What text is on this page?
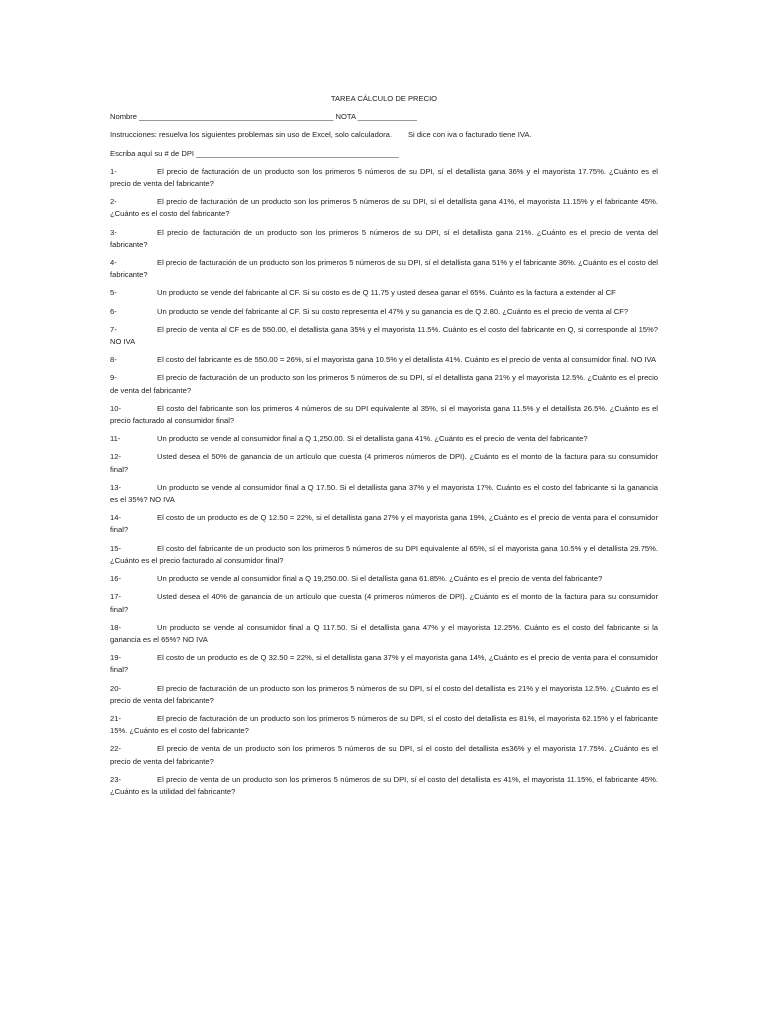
TAREA CÁLCULO DE PRECIO
Nombre ______________________________________________ NOTA ______________
Instrucciones: resuelva los siguientes problemas sin uso de Excel, solo calculadora. Si dice con iva o facturado tiene IVA.
Escriba aquí su # de DPI ________________________________________________
1-	El precio de facturación de un producto son los primeros 5 números de su DPI, sí el detallista gana 36% y el mayorista 17.75%. ¿Cuánto es el precio de venta del fabricante?
2-	El precio de facturación de un producto son los primeros 5 números de su DPI, sí el detallista gana 41%, el mayorista 11.15% y el fabricante 45%. ¿Cuánto es el costo del fabricante?
3-	El precio de facturación de un producto son los primeros 5 números de su DPI, sí el detallista gana 21%. ¿Cuánto es el precio de venta del fabricante?
4-	El precio de facturación de un producto son los primeros 5 números de su DPI, sí el detallista gana 51% y el fabricante 36%. ¿Cuánto es el costo del fabricante?
5-	Un producto se vende del fabricante al CF. Si su costo es de Q 11.75 y usted desea ganar el 65%. Cuánto es la factura a extender al CF
6-	Un producto se vende del fabricante al CF. Si su costo representa el 47% y su ganancia es de Q 2.80. ¿Cuánto es el precio de venta al CF?
7-	El precio de venta al CF es de 550.00, el detallista gana 35% y el mayorista 11.5%. Cuánto es el costo del fabricante en Q, si corresponde al 15%? NO IVA
8-	El costo del fabricante es de 550.00 = 26%, si el mayorista gana 10.5% y el detallista 41%. Cuánto es el precio de venta al consumidor final. NO IVA
9-	El precio de facturación de un producto son los primeros 5 números de su DPI, sí el detallista gana 21% y el mayorista 12.5%. ¿Cuánto es el precio de venta del fabricante?
10-	El costo del fabricante son los primeros 4 números de su DPI equivalente al 35%, sí el mayorista gana 11.5% y el detallista 26.5%. ¿Cuánto es el precio facturado al consumidor final?
11-	Un producto se vende al consumidor final a Q 1,250.00. Si el detallista gana 41%. ¿Cuánto es el precio de venta del fabricante?
12-	Usted desea el 50% de ganancia de un artículo que cuesta (4 primeros números de DPI). ¿Cuánto es el monto de la factura para su consumidor final?
13-	Un producto se vende al consumidor final a Q 17.50. Si el detallista gana 37% y el mayorista 17%. Cuánto es el costo del fabricante si la ganancia es el 35%? NO IVA
14-	El costo de un producto es de Q 12.50 = 22%, si el detallista gana 27% y el mayorista gana 19%, ¿Cuánto es el precio de venta para el consumidor final?
15-	El costo del fabricante de un producto son los primeros 5 números de su DPI equivalente al 65%, sí el mayorista gana 10.5% y el detallista 29.75%. ¿Cuánto es el precio facturado al consumidor final?
16-	Un producto se vende al consumidor final a Q 19,250.00. Si el detallista gana 61.85%. ¿Cuánto es el precio de venta del fabricante?
17-	Usted desea el 40% de ganancia de un artículo que cuesta (4 primeros números de DPI). ¿Cuánto es el monto de la factura para su consumidor final?
18-	Un producto se vende al consumidor final a Q 117.50. Si el detallista gana 47% y el mayorista 12.25%. Cuánto es el costo del fabricante si la ganancia es el 65%? NO IVA
19-	El costo de un producto es de Q 32.50 = 22%, si el detallista gana 37% y el mayorista gana 14%, ¿Cuánto es el precio de venta para el consumidor final?
20-	El precio de facturación de un producto son los primeros 5 números de su DPI, sí el costo del detallista es 21% y el mayorista 12.5%. ¿Cuánto es el precio de venta del fabricante?
21-	El precio de facturación de un producto son los primeros 5 números de su DPI, sí el costo del detallista es 81%, el mayorista 62.15% y el fabricante 15%. ¿Cuánto es el costo del fabricante?
22-	El precio de venta de un producto son los primeros 5 números de su DPI, sí el costo del detallista es36% y el mayorista 17.75%. ¿Cuánto es el precio de venta del fabricante?
23-	El precio de venta de un producto son los primeros 5 números de su DPI, sí el costo del detallista es 41%, el mayorista 11.15%, el fabricante 45%. ¿Cuánto es la utilidad del fabricante?
